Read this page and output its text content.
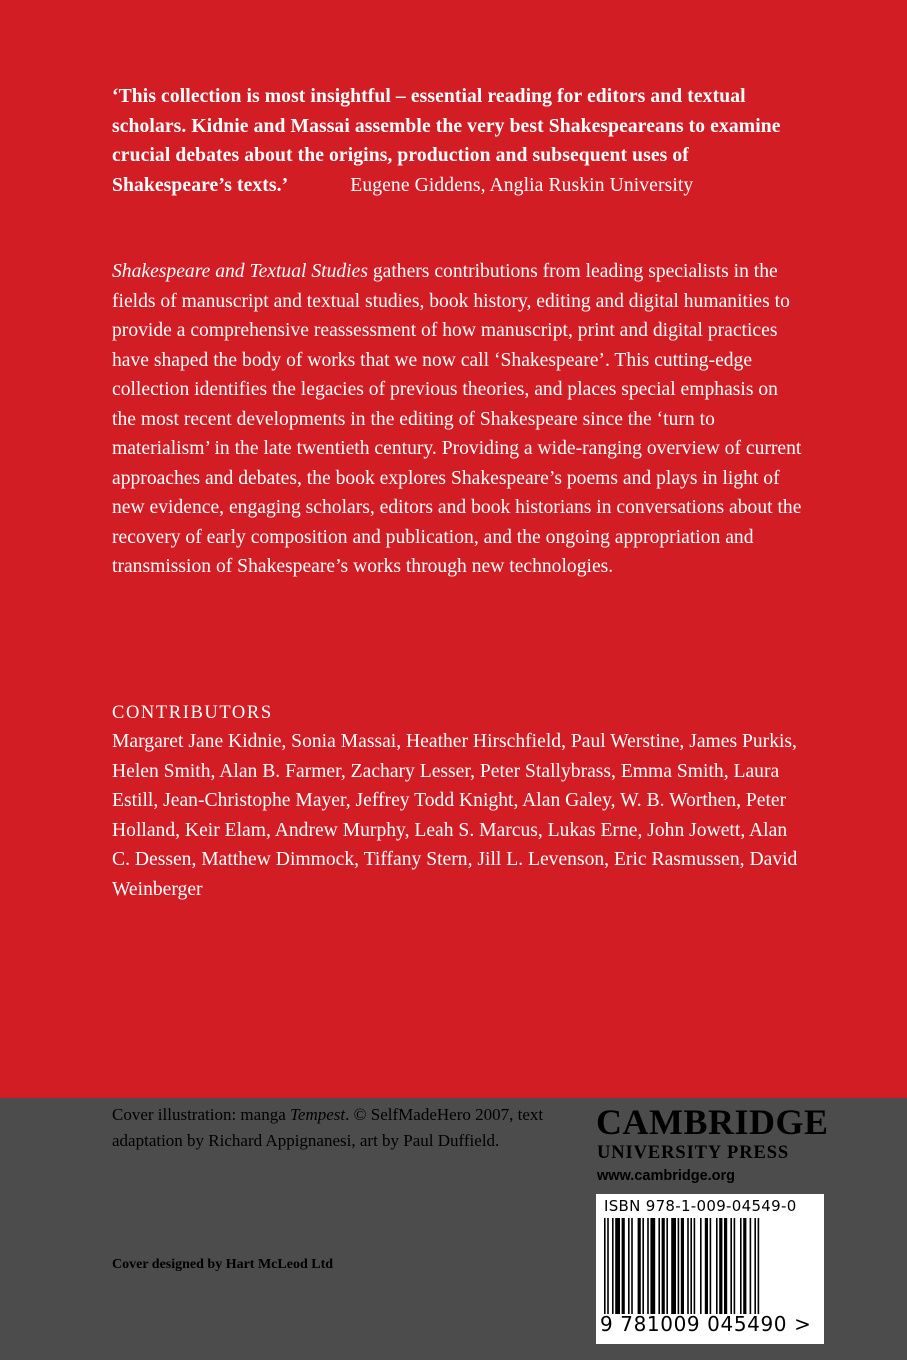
‘This collection is most insightful – essential reading for editors and textual scholars. Kidnie and Massai assemble the very best Shakespeareans to examine crucial debates about the origins, production and subsequent uses of Shakespeare’s texts.’	Eugene Giddens, Anglia Ruskin University
Shakespeare and Textual Studies gathers contributions from leading specialists in the fields of manuscript and textual studies, book history, editing and digital humanities to provide a comprehensive reassessment of how manuscript, print and digital practices have shaped the body of works that we now call ‘Shakespeare’. This cutting-edge collection identifies the legacies of previous theories, and places special emphasis on the most recent developments in the editing of Shakespeare since the ‘turn to materialism’ in the late twentieth century. Providing a wide-ranging overview of current approaches and debates, the book explores Shakespeare’s poems and plays in light of new evidence, engaging scholars, editors and book historians in conversations about the recovery of early composition and publication, and the ongoing appropriation and transmission of Shakespeare’s works through new technologies.
CONTRIBUTORS
Margaret Jane Kidnie, Sonia Massai, Heather Hirschfield, Paul Werstine, James Purkis, Helen Smith, Alan B. Farmer, Zachary Lesser, Peter Stallybrass, Emma Smith, Laura Estill, Jean-Christophe Mayer, Jeffrey Todd Knight, Alan Galey, W. B. Worthen, Peter Holland, Keir Elam, Andrew Murphy, Leah S. Marcus, Lukas Erne, John Jowett, Alan C. Dessen, Matthew Dimmock, Tiffany Stern, Jill L. Levenson, Eric Rasmussen, David Weinberger
Cover illustration: manga Tempest. © SelfMadeHero 2007, text adaptation by Richard Appignanesi, art by Paul Duffield.
Cover designed by Hart McLeod Ltd
CAMBRIDGE
UNIVERSITY PRESS
www.cambridge.org
ISBN 978-1-009-04549-0
9 781009 045490 >
